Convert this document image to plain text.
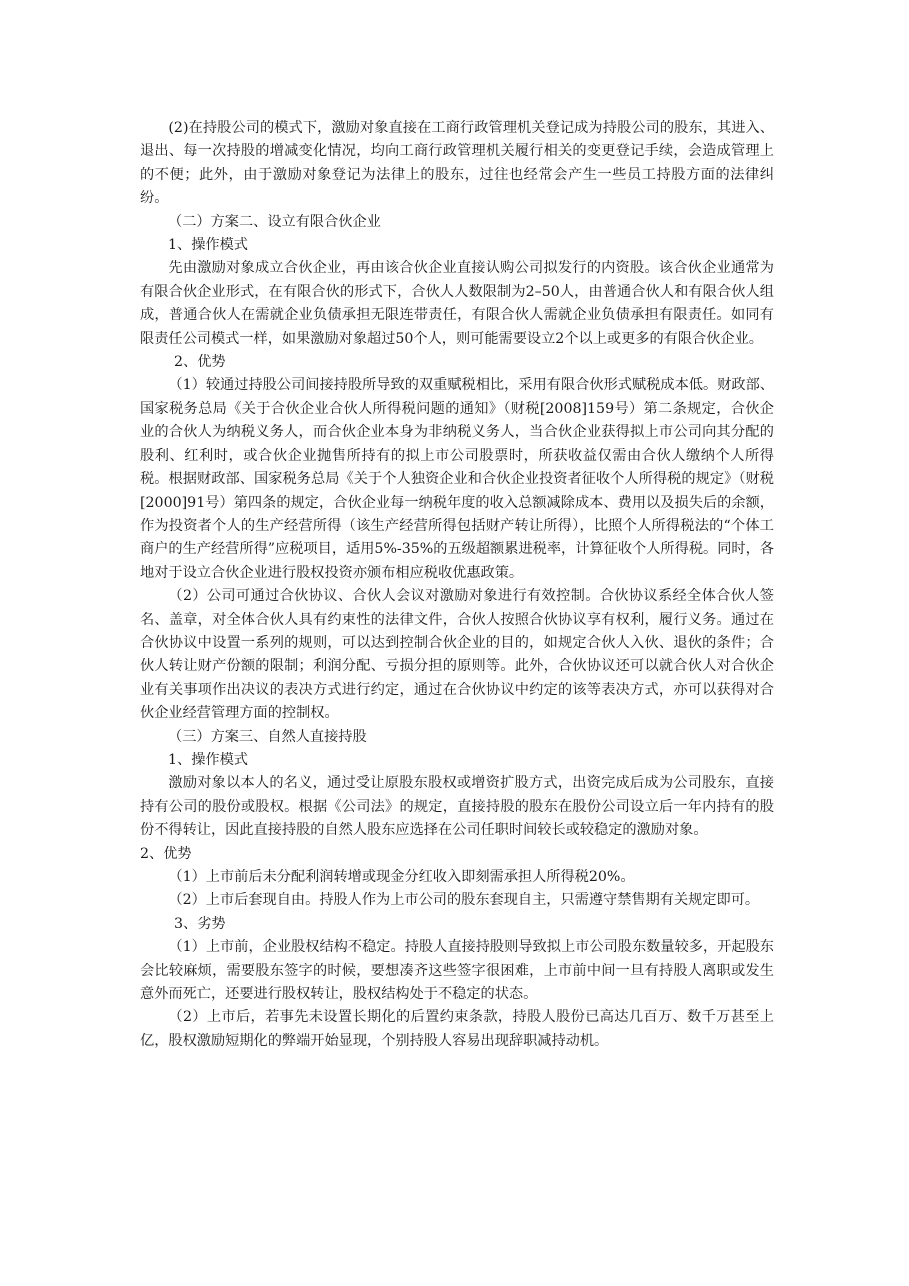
(2)在持股公司的模式下，激励对象直接在工商行政管理机关登记成为持股公司的股东，其进入、退出、每一次持股的增减变化情况，均向工商行政管理机关履行相关的变更登记手续，会造成管理上的不便；此外，由于激励对象登记为法律上的股东，过往也经常会产生一些员工持股方面的法律纠纷。

（二）方案二、设立有限合伙企业

1、操作模式

先由激励对象成立合伙企业，再由该合伙企业直接认购公司拟发行的内资股。该合伙企业通常为有限合伙企业形式，在有限合伙的形式下，合伙人人数限制为2–50人，由普通合伙人和有限合伙人组成，普通合伙人在需就企业负债承担无限连带责任，有限合伙人需就企业负债承担有限责任。如同有限责任公司模式一样，如果激励对象超过50个人，则可能需要设立2个以上或更多的有限合伙企业。

2、优势

（1）较通过持股公司间接持股所导致的双重赋税相比，采用有限合伙形式赋税成本低。财政部、国家税务总局《关于合伙企业合伙人所得税问题的通知》（财税[2008]159号）第二条规定，合伙企业的合伙人为纳税义务人，而合伙企业本身为非纳税义务人，当合伙企业获得拟上市公司向其分配的股利、红利时，或合伙企业抛售所持有的拟上市公司股票时，所获收益仅需由合伙人缴纳个人所得税。根据财政部、国家税务总局《关于个人独资企业和合伙企业投资者征收个人所得税的规定》（财税[2000]91号）第四条的规定，合伙企业每一纳税年度的收入总额减除成本、费用以及损失后的余额，作为投资者个人的生产经营所得（该生产经营所得包括财产转让所得），比照个人所得税法的“个体工商户的生产经营所得”应税项目，适用5%-35%的五级超额累进税率，计算征收个人所得税。同时，各地对于设立合伙企业进行股权投资亦颁布相应税收优惠政策。

（2）公司可通过合伙协议、合伙人会议对激励对象进行有效控制。合伙协议系经全体合伙人签名、盖章，对全体合伙人具有约束性的法律文件，合伙人按照合伙协议享有权利，履行义务。通过在合伙协议中设置一系列的规则，可以达到控制合伙企业的目的，如规定合伙人入伙、退伙的条件；合伙人转让财产份额的限制；利润分配、亏损分担的原则等。此外，合伙协议还可以就合伙人对合伙企业有关事项作出决议的表决方式进行约定，通过在合伙协议中约定的该等表决方式，亦可以获得对合伙企业经营管理方面的控制权。

（三）方案三、自然人直接持股

1、操作模式

激励对象以本人的名义，通过受让原股东股权或增资扩股方式，出资完成后成为公司股东，直接持有公司的股份或股权。根据《公司法》的规定，直接持股的股东在股份公司设立后一年内持有的股份不得转让，因此直接持股的自然人股东应选择在公司任职时间较长或较稳定的激励对象。

2、优势

（1）上市前后未分配利润转增或现金分红收入即刻需承担人所得税20%。

（2）上市后套现自由。持股人作为上市公司的股东套现自主，只需遵守禁售期有关规定即可。

3、劣势

（1）上市前，企业股权结构不稳定。持股人直接持股则导致拟上市公司股东数量较多，开起股东会比较麻烦，需要股东签字的时候，要想凑齐这些签字很困难，上市前中间一旦有持股人离职或发生意外而死亡，还要进行股权转让，股权结构处于不稳定的状态。

（2）上市后，若事先未设置长期化的后置约束条款，持股人股份已高达几百万、数千万甚至上亿，股权激励短期化的弊端开始显现，个别持股人容易出现辞职减持动机。
